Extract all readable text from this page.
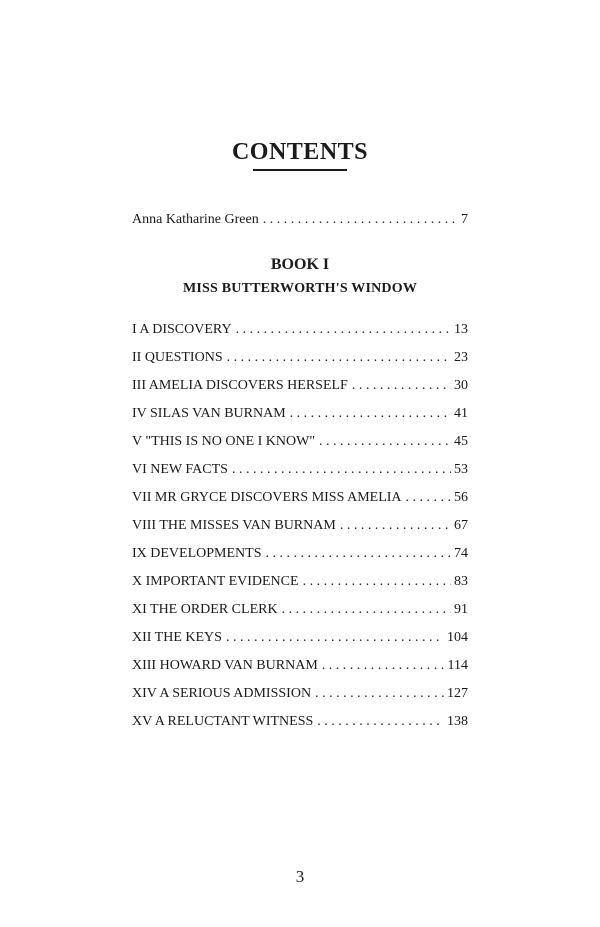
CONTENTS
Anna Katharine Green . . .	7
BOOK I
MISS BUTTERWORTH'S WINDOW
I A DISCOVERY . . .	13
II QUESTIONS . . .	23
III AMELIA DISCOVERS HERSELF . . .	30
IV SILAS VAN BURNAM . . .	41
V "THIS IS NO ONE I KNOW" . . .	45
VI NEW FACTS . . .	53
VII MR GRYCE DISCOVERS MISS AMELIA . . .	56
VIII THE MISSES VAN BURNAM . . .	67
IX DEVELOPMENTS . . .	74
X IMPORTANT EVIDENCE . . .	83
XI THE ORDER CLERK . . .	91
XII THE KEYS . . .	104
XIII HOWARD VAN BURNAM . . .	114
XIV A SERIOUS ADMISSION . . .	127
XV A RELUCTANT WITNESS . . .	138
3
